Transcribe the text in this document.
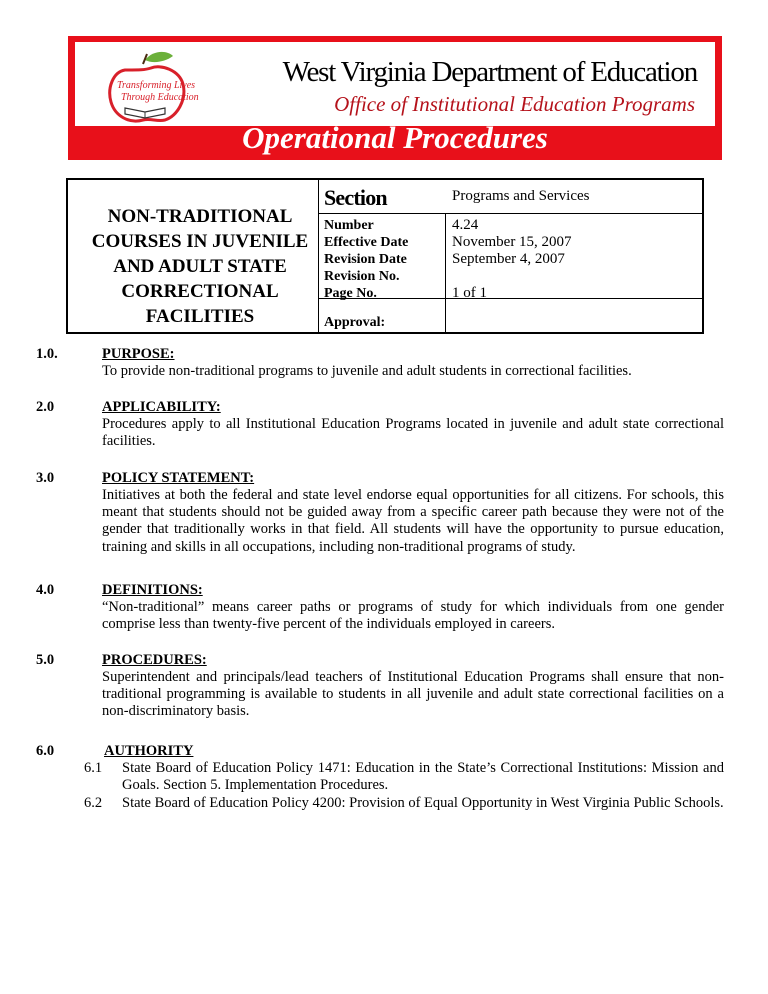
Transforming Lives
Through Education
West Virginia Department of Education
Office of Institutional Education Programs
Operational Procedures
NON-TRADITIONAL COURSES IN JUVENILE AND ADULT STATE CORRECTIONAL FACILITIES
Section	Programs and Services
Number	4.24
Effective Date	November 15, 2007
Revision Date	September 4, 2007
Revision No.
Page No.	1 of 1
Approval:
1.0.	PURPOSE:
To provide non-traditional programs to juvenile and adult students in correctional facilities.
2.0	APPLICABILITY:
Procedures apply to all Institutional Education Programs located in juvenile and adult state correctional facilities.
3.0	POLICY STATEMENT:
Initiatives at both the federal and state level endorse equal opportunities for all citizens. For schools, this meant that students should not be guided away from a specific career path because they were not of the gender that traditionally works in that field. All students will have the opportunity to pursue education, training and skills in all occupations, including non-traditional programs of study.
4.0	DEFINITIONS:
“Non-traditional” means career paths or programs of study for which individuals from one gender comprise less than twenty-five percent of the individuals employed in careers.
5.0	PROCEDURES:
Superintendent and principals/lead teachers of Institutional Education Programs shall ensure that non-traditional programming is available to students in all juvenile and adult state correctional facilities on a non-discriminatory basis.
6.0	AUTHORITY
6.1 State Board of Education Policy 1471: Education in the State’s Correctional Institutions: Mission and Goals. Section 5. Implementation Procedures.
6.2 State Board of Education Policy 4200: Provision of Equal Opportunity in West Virginia Public Schools.
